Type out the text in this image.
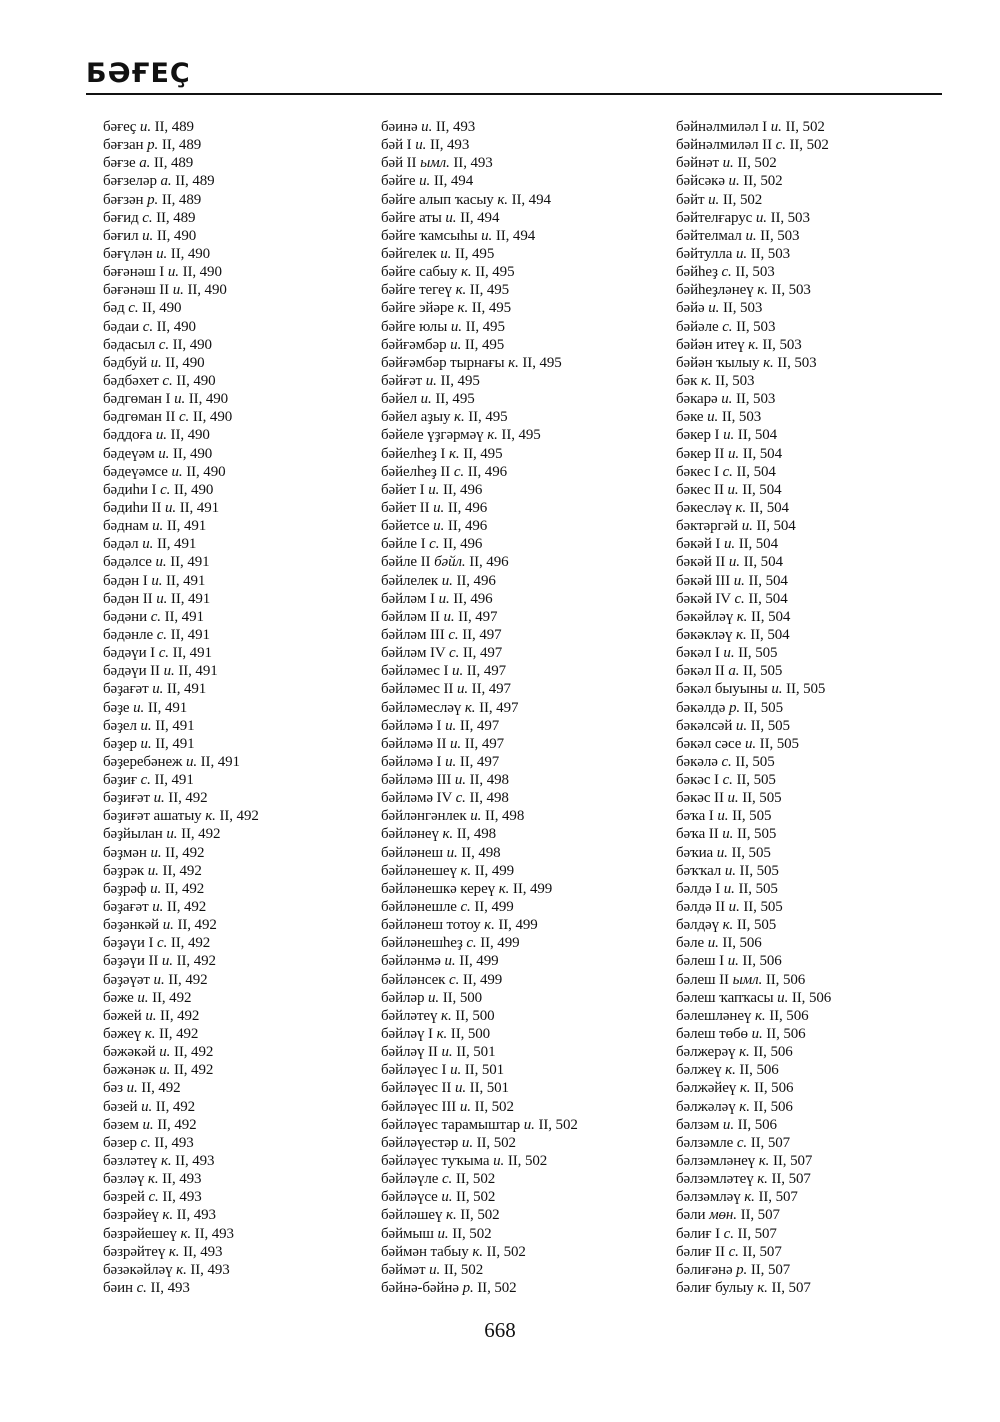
БӘҒЕҪ
бәғеҫ и. II, 489
бәғзан р. II, 489
бәғзе а. II, 489
бәғзеләр а. II, 489
бәғзән р. II, 489
бәғид с. II, 489
бәғил и. II, 490
бәғүлән и. II, 490
бәғәнәш I и. II, 490
бәғәнәш II и. II, 490
бәд с. II, 490
бәдаи с. II, 490
бәдасыл с. II, 490
бәдбуй и. II, 490
бәдбәхет с. II, 490
бәдгөман I и. II, 490
бәдгөман II с. II, 490
бәддоға и. II, 490
бәдеүәм и. II, 490
бәдеүәмсе и. II, 490
бәдиһи I с. II, 490
бәдиһи II и. II, 491
бәднам и. II, 491
бәдәл и. II, 491
бәдәлсе и. II, 491
бәдән I и. II, 491
бәдән II и. II, 491
бәдәни с. II, 491
бәдәнле с. II, 491
бәдәүи I с. II, 491
бәдәүи II и. II, 491
бәҙағәт и. II, 491
бәҙе и. II, 491
бәҙел и. II, 491
бәҙер и. II, 491
бәҙеребәнеж и. II, 491
бәҙиғ с. II, 491
бәҙиғәт и. II, 492
бәҙиғәт ашатыу к. II, 492
бәҙйылан и. II, 492
бәҙмән и. II, 492
бәҙрәк и. II, 492
бәҙрәф и. II, 492
бәҙағәт и. II, 492
бәҙәнкәй и. II, 492
бәҙәүи I с. II, 492
бәҙәүи II и. II, 492
бәҙәүәт и. II, 492
бәже и. II, 492
бәжей и. II, 492
бәжеү к. II, 492
бәжәкәй и. II, 492
бәжәнәк и. II, 492
бәз и. II, 492
бәзей и. II, 492
бәзем и. II, 492
бәзер с. II, 493
бәзләтеү к. II, 493
бәзләү к. II, 493
бәзрей с. II, 493
бәзрәйеү к. II, 493
бәзрәйешеү к. II, 493
бәзрәйтеү к. II, 493
бәзәкәйләү к. II, 493
бәин с. II, 493
бәинә и. II, 493
бәй I и. II, 493
бәй II ымл. II, 493
бәйге и. II, 494
бәйге алып ҡасыу к. II, 494
бәйге аты и. II, 494
бәйге ҡамсыһы и. II, 494
бәйгелек и. II, 495
бәйге сабыу к. II, 495
бәйге тегеү к. II, 495
бәйге эйәре к. II, 495
бәйге юлы и. II, 495
бәйғәмбәр и. II, 495
бәйғәмбәр тырнағы к. II, 495
бәйғәт и. II, 495
бәйел и. II, 495
бәйел аҙыу к. II, 495
бәйеле үҙгәрмәү к. II, 495
бәйелһеҙ I к. II, 495
бәйелһеҙ II с. II, 496
бәйет I и. II, 496
бәйет II и. II, 496
бәйетсе и. II, 496
бәйле I с. II, 496
бәйле II бәйл. II, 496
бәйлелек и. II, 496
бәйләм I и. II, 496
бәйләм II и. II, 497
бәйләм III с. II, 497
бәйләм IV с. II, 497
бәйләмес I и. II, 497
бәйләмес II и. II, 497
бәйләмесләү к. II, 497
бәйләмә I и. II, 497
бәйләмә II и. II, 497
бәйләмә I и. II, 497
бәйләмә III и. II, 498
бәйләмә IV с. II, 498
бәйләнгәнлек и. II, 498
бәйләнеү к. II, 498
бәйләнеш и. II, 498
бәйләнешеү к. II, 499
бәйләнешкә кереү к. II, 499
бәйләнешле с. II, 499
бәйләнеш тотоу к. II, 499
бәйләнешһеҙ с. II, 499
бәйләнмә и. II, 499
бәйләнсек с. II, 499
бәйләр и. II, 500
бәйләтеү к. II, 500
бәйләү I к. II, 500
бәйләү II и. II, 501
бәйләүес I и. II, 501
бәйләүес II и. II, 501
бәйләүес III и. II, 502
бәйләүес тарамыштар и. II, 502
бәйләүестәр и. II, 502
бәйләүес туҡыма и. II, 502
бәйләүле с. II, 502
бәйләүсе и. II, 502
бәйләшеү к. II, 502
бәймыш и. II, 502
бәймән табыу к. II, 502
бәймәт и. II, 502
бәйнә-бәйнә р. II, 502
бәйнәлмиләл I и. II, 502
бәйнәлмиләл II с. II, 502
бәйнәт и. II, 502
бәйсәкә и. II, 502
бәйт и. II, 502
бәйтелғарус и. II, 503
бәйтелмал и. II, 503
бәйтулла и. II, 503
бәйһеҙ с. II, 503
бәйһеҙләнеү к. II, 503
бәйә и. II, 503
бәйәле с. II, 503
бәйән итеү к. II, 503
бәйән ҡылыу к. II, 503
бәк к. II, 503
бәкарә и. II, 503
бәке и. II, 503
бәкер I и. II, 504
бәкер II и. II, 504
бәкес I с. II, 504
бәкес II и. II, 504
бәкесләү к. II, 504
бәктәргәй и. II, 504
бәкәй I и. II, 504
бәкәй II и. II, 504
бәкәй III и. II, 504
бәкәй IV с. II, 504
бәкәйләү к. II, 504
бәкәкләү к. II, 504
бәкәл I и. II, 505
бәкәл II а. II, 505
бәкәл быуыны и. II, 505
бәкәлдә р. II, 505
бәкәлсәй и. II, 505
бәкәл сәсе и. II, 505
бәкәлә с. II, 505
бәкәс I с. II, 505
бәкәс II и. II, 505
бәҡа I и. II, 505
бәҡа II и. II, 505
бәҡиа и. II, 505
бәҡҡал и. II, 505
бәлдә I и. II, 505
бәлдә II и. II, 505
бәлдәү к. II, 505
бәле и. II, 506
бәлеш I и. II, 506
бәлеш II ымл. II, 506
бәлеш ҡапҡасы и. II, 506
бәлешләнеү к. II, 506
бәлеш төбө и. II, 506
бәлжерәү к. II, 506
бәлжеү к. II, 506
бәлжәйеү к. II, 506
бәлжәләү к. II, 506
бәлзәм и. II, 506
бәлзәмле с. II, 507
бәлзәмләнеү к. II, 507
бәлзәмләтеү к. II, 507
бәлзәмләү к. II, 507
бәли мөн. II, 507
бәлиғ I с. II, 507
бәлиғ II с. II, 507
бәлиғәнә р. II, 507
бәлиғ булыу к. II, 507
668
